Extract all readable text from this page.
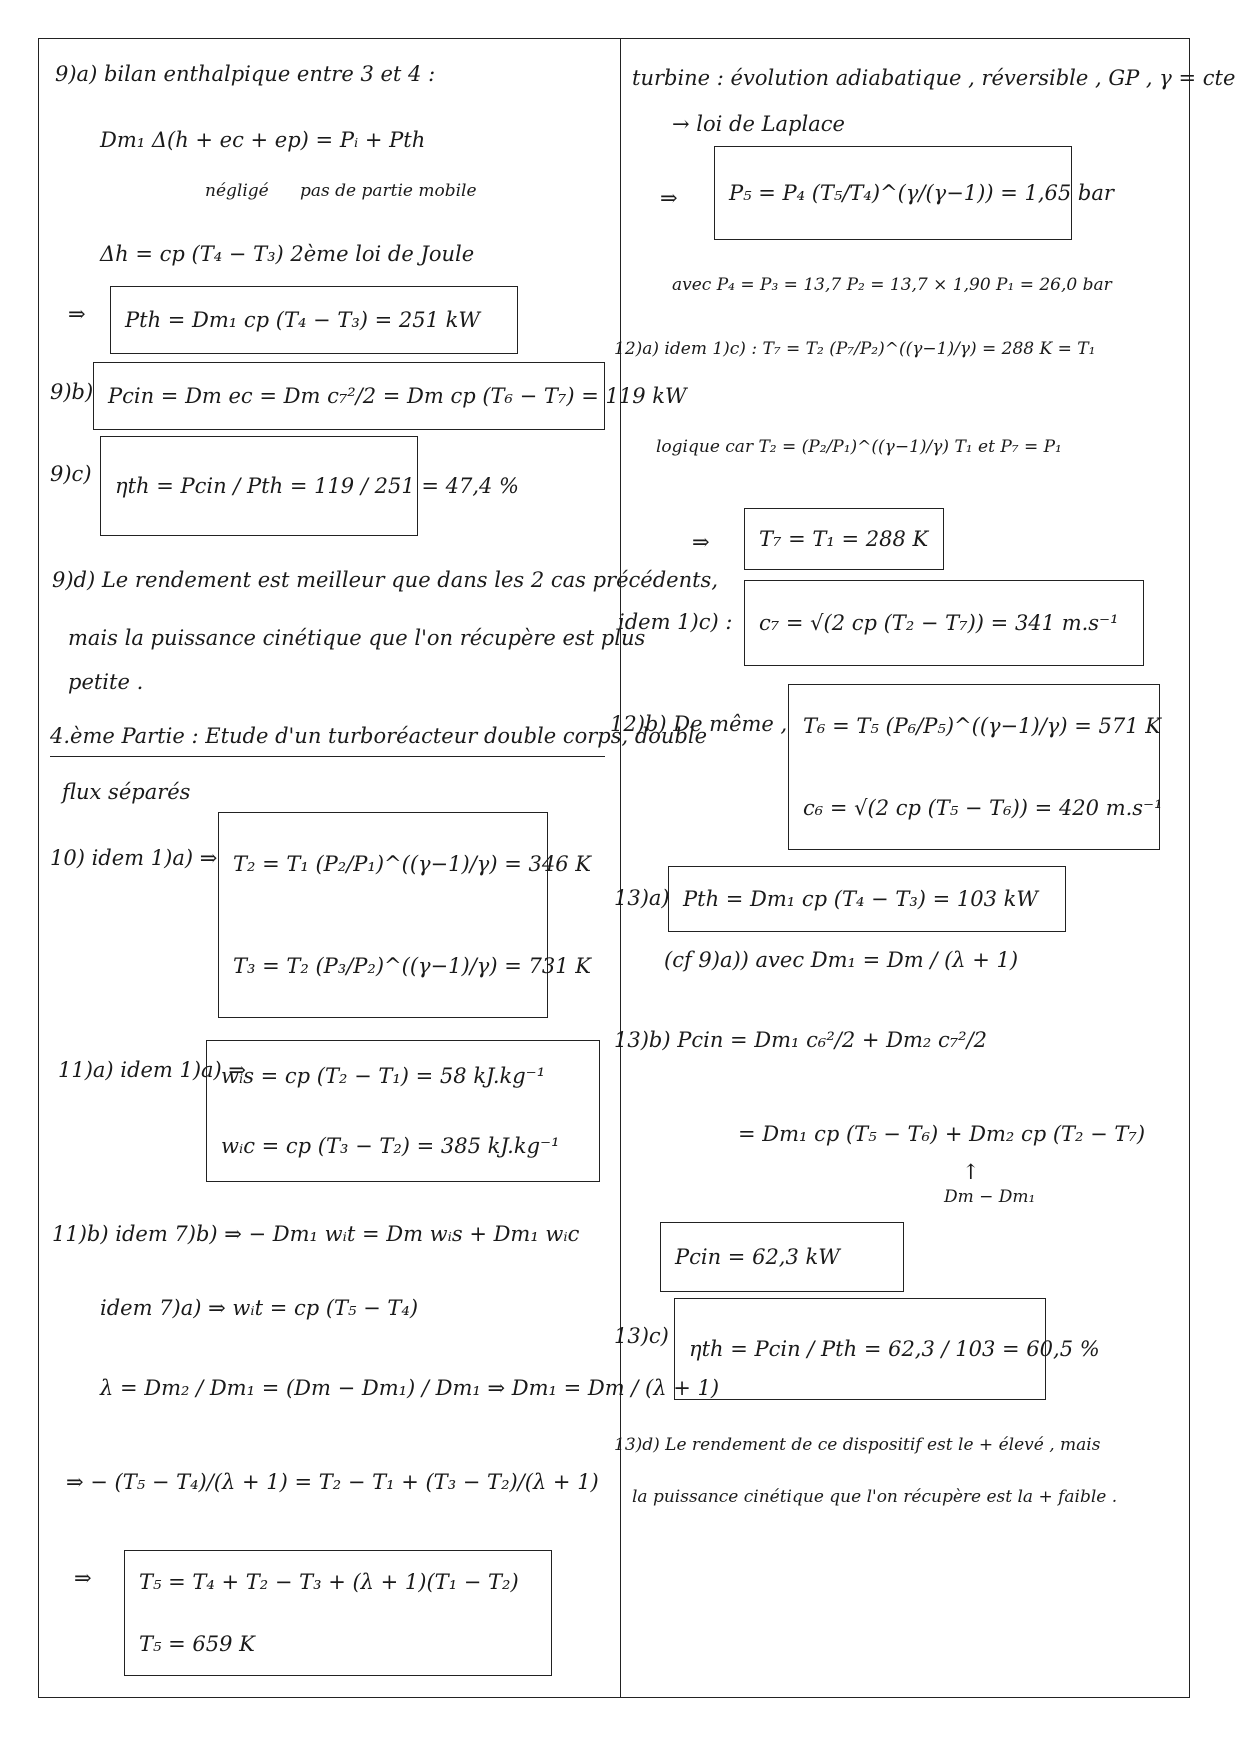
9)a) bilan enthalpique entre 3 et 4 :
Dm₁ Δ(h + ec + ep) = Pᵢ + Pth
négligé pas de partie mobile
Δh = cp (T₄ − T₃) 2ème loi de Joule
⇒ Pth = Dm₁ cp (T₄ − T₃) = 251 kW
9)b) Pcin = Dm ec = Dm c₇²/2 = Dm cp (T₆ − T₇) = 119 kW
9)c) ηth = Pcin / Pth = 119 / 251 = 47,4 %
9)d) Le rendement est meilleur que dans les 2 cas précédents,
mais la puissance cinétique que l'on récupère est plus
petite .
4.ème Partie : Etude d'un turboréacteur double corps, double
flux séparés
10) idem 1)a) ⇒ T₂ = T₁ (P₂/P₁)^((γ−1)/γ) = 346 K
T₃ = T₂ (P₃/P₂)^((γ−1)/γ) = 731 K
11)a) idem 1)a) ⇒
wᵢs = cp (T₂ − T₁) = 58 kJ.kg⁻¹
wᵢc = cp (T₃ − T₂) = 385 kJ.kg⁻¹
11)b) idem 7)b) ⇒ − Dm₁ wᵢt = Dm wᵢs + Dm₁ wᵢc
idem 7)a) ⇒ wᵢt = cp (T₅ − T₄)
λ = Dm₂ / Dm₁ = (Dm − Dm₁) / Dm₁ ⇒ Dm₁ = Dm / (λ + 1)
⇒ − (T₅ − T₄)/(λ + 1) = T₂ − T₁ + (T₃ − T₂)/(λ + 1)
⇒ T₅ = T₄ + T₂ − T₃ + (λ + 1)(T₁ − T₂)
T₅ = 659 K
turbine : évolution adiabatique , réversible , GP , γ = cte
→ loi de Laplace
⇒ P₅ = P₄ (T₅/T₄)^(γ/(γ−1)) = 1,65 bar
avec P₄ = P₃ = 13,7 P₂ = 13,7 × 1,90 P₁ = 26,0 bar
12)a) idem 1)c) : T₇ = T₂ (P₇/P₂)^((γ−1)/γ) = 288 K = T₁
logique car T₂ = (P₂/P₁)^((γ−1)/γ) T₁ et P₇ = P₁
⇒ T₇ = T₁ = 288 K
idem 1)c) : c₇ = √(2 cp (T₂ − T₇)) = 341 m.s⁻¹
12)b) De même , T₆ = T₅ (P₆/P₅)^((γ−1)/γ) = 571 K
c₆ = √(2 cp (T₅ − T₆)) = 420 m.s⁻¹
13)a) Pth = Dm₁ cp (T₄ − T₃) = 103 kW
(cf 9)a)) avec Dm₁ = Dm / (λ + 1)
13)b) Pcin = Dm₁ c₆²/2 + Dm₂ c₇²/2
= Dm₁ cp (T₅ − T₆) + Dm₂ cp (T₂ − T₇)
↑
Dm − Dm₁
Pcin = 62,3 kW
13)c)
ηth = Pcin / Pth = 62,3 / 103 = 60,5 %
13)d) Le rendement de ce dispositif est le + élevé , mais
la puissance cinétique que l'on récupère est la + faible .
